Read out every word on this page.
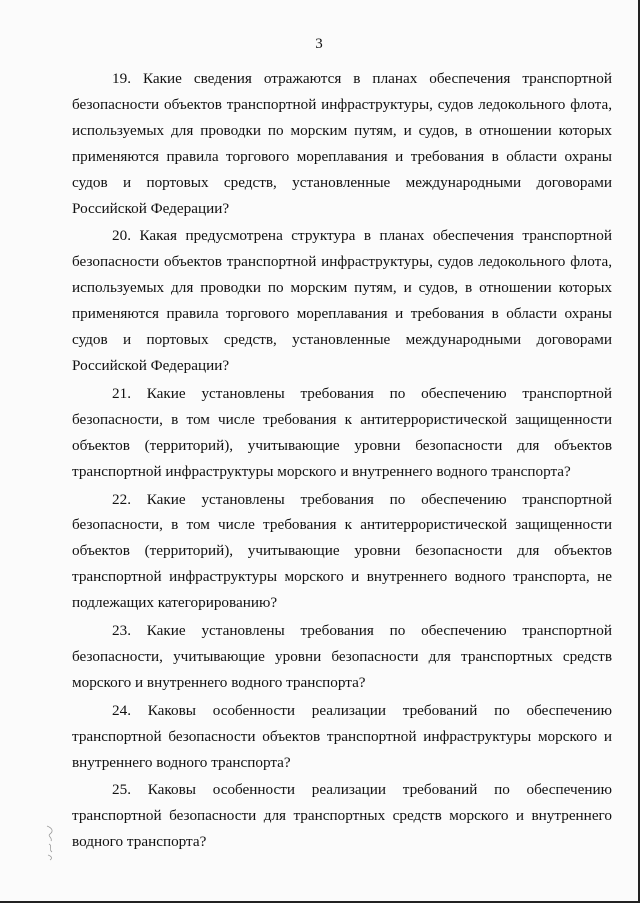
3

19. Какие сведения отражаются в планах обеспечения транспортной безопасности объектов транспортной инфраструктуры, судов ледокольного флота, используемых для проводки по морским путям, и судов, в отношении которых применяются правила торгового мореплавания и требования в области охраны судов и портовых средств, установленные международными договорами Российской Федерации?

20. Какая предусмотрена структура в планах обеспечения транспортной безопасности объектов транспортной инфраструктуры, судов ледокольного флота, используемых для проводки по морским путям, и судов, в отношении которых применяются правила торгового мореплавания и требования в области охраны судов и портовых средств, установленные международными договорами Российской Федерации?

21. Какие установлены требования по обеспечению транспортной безопасности, в том числе требования к антитеррористической защищенности объектов (территорий), учитывающие уровни безопасности для объектов транспортной инфраструктуры морского и внутреннего водного транспорта?

22. Какие установлены требования по обеспечению транспортной безопасности, в том числе требования к антитеррористической защищенности объектов (территорий), учитывающие уровни безопасности для объектов транспортной инфраструктуры морского и внутреннего водного транспорта, не подлежащих категорированию?

23. Какие установлены требования по обеспечению транспортной безопасности, учитывающие уровни безопасности для транспортных средств морского и внутреннего водного транспорта?

24. Каковы особенности реализации требований по обеспечению транспортной безопасности объектов транспортной инфраструктуры морского и внутреннего водного транспорта?

25. Каковы особенности реализации требований по обеспечению транспортной безопасности для транспортных средств морского и внутреннего водного транспорта?
